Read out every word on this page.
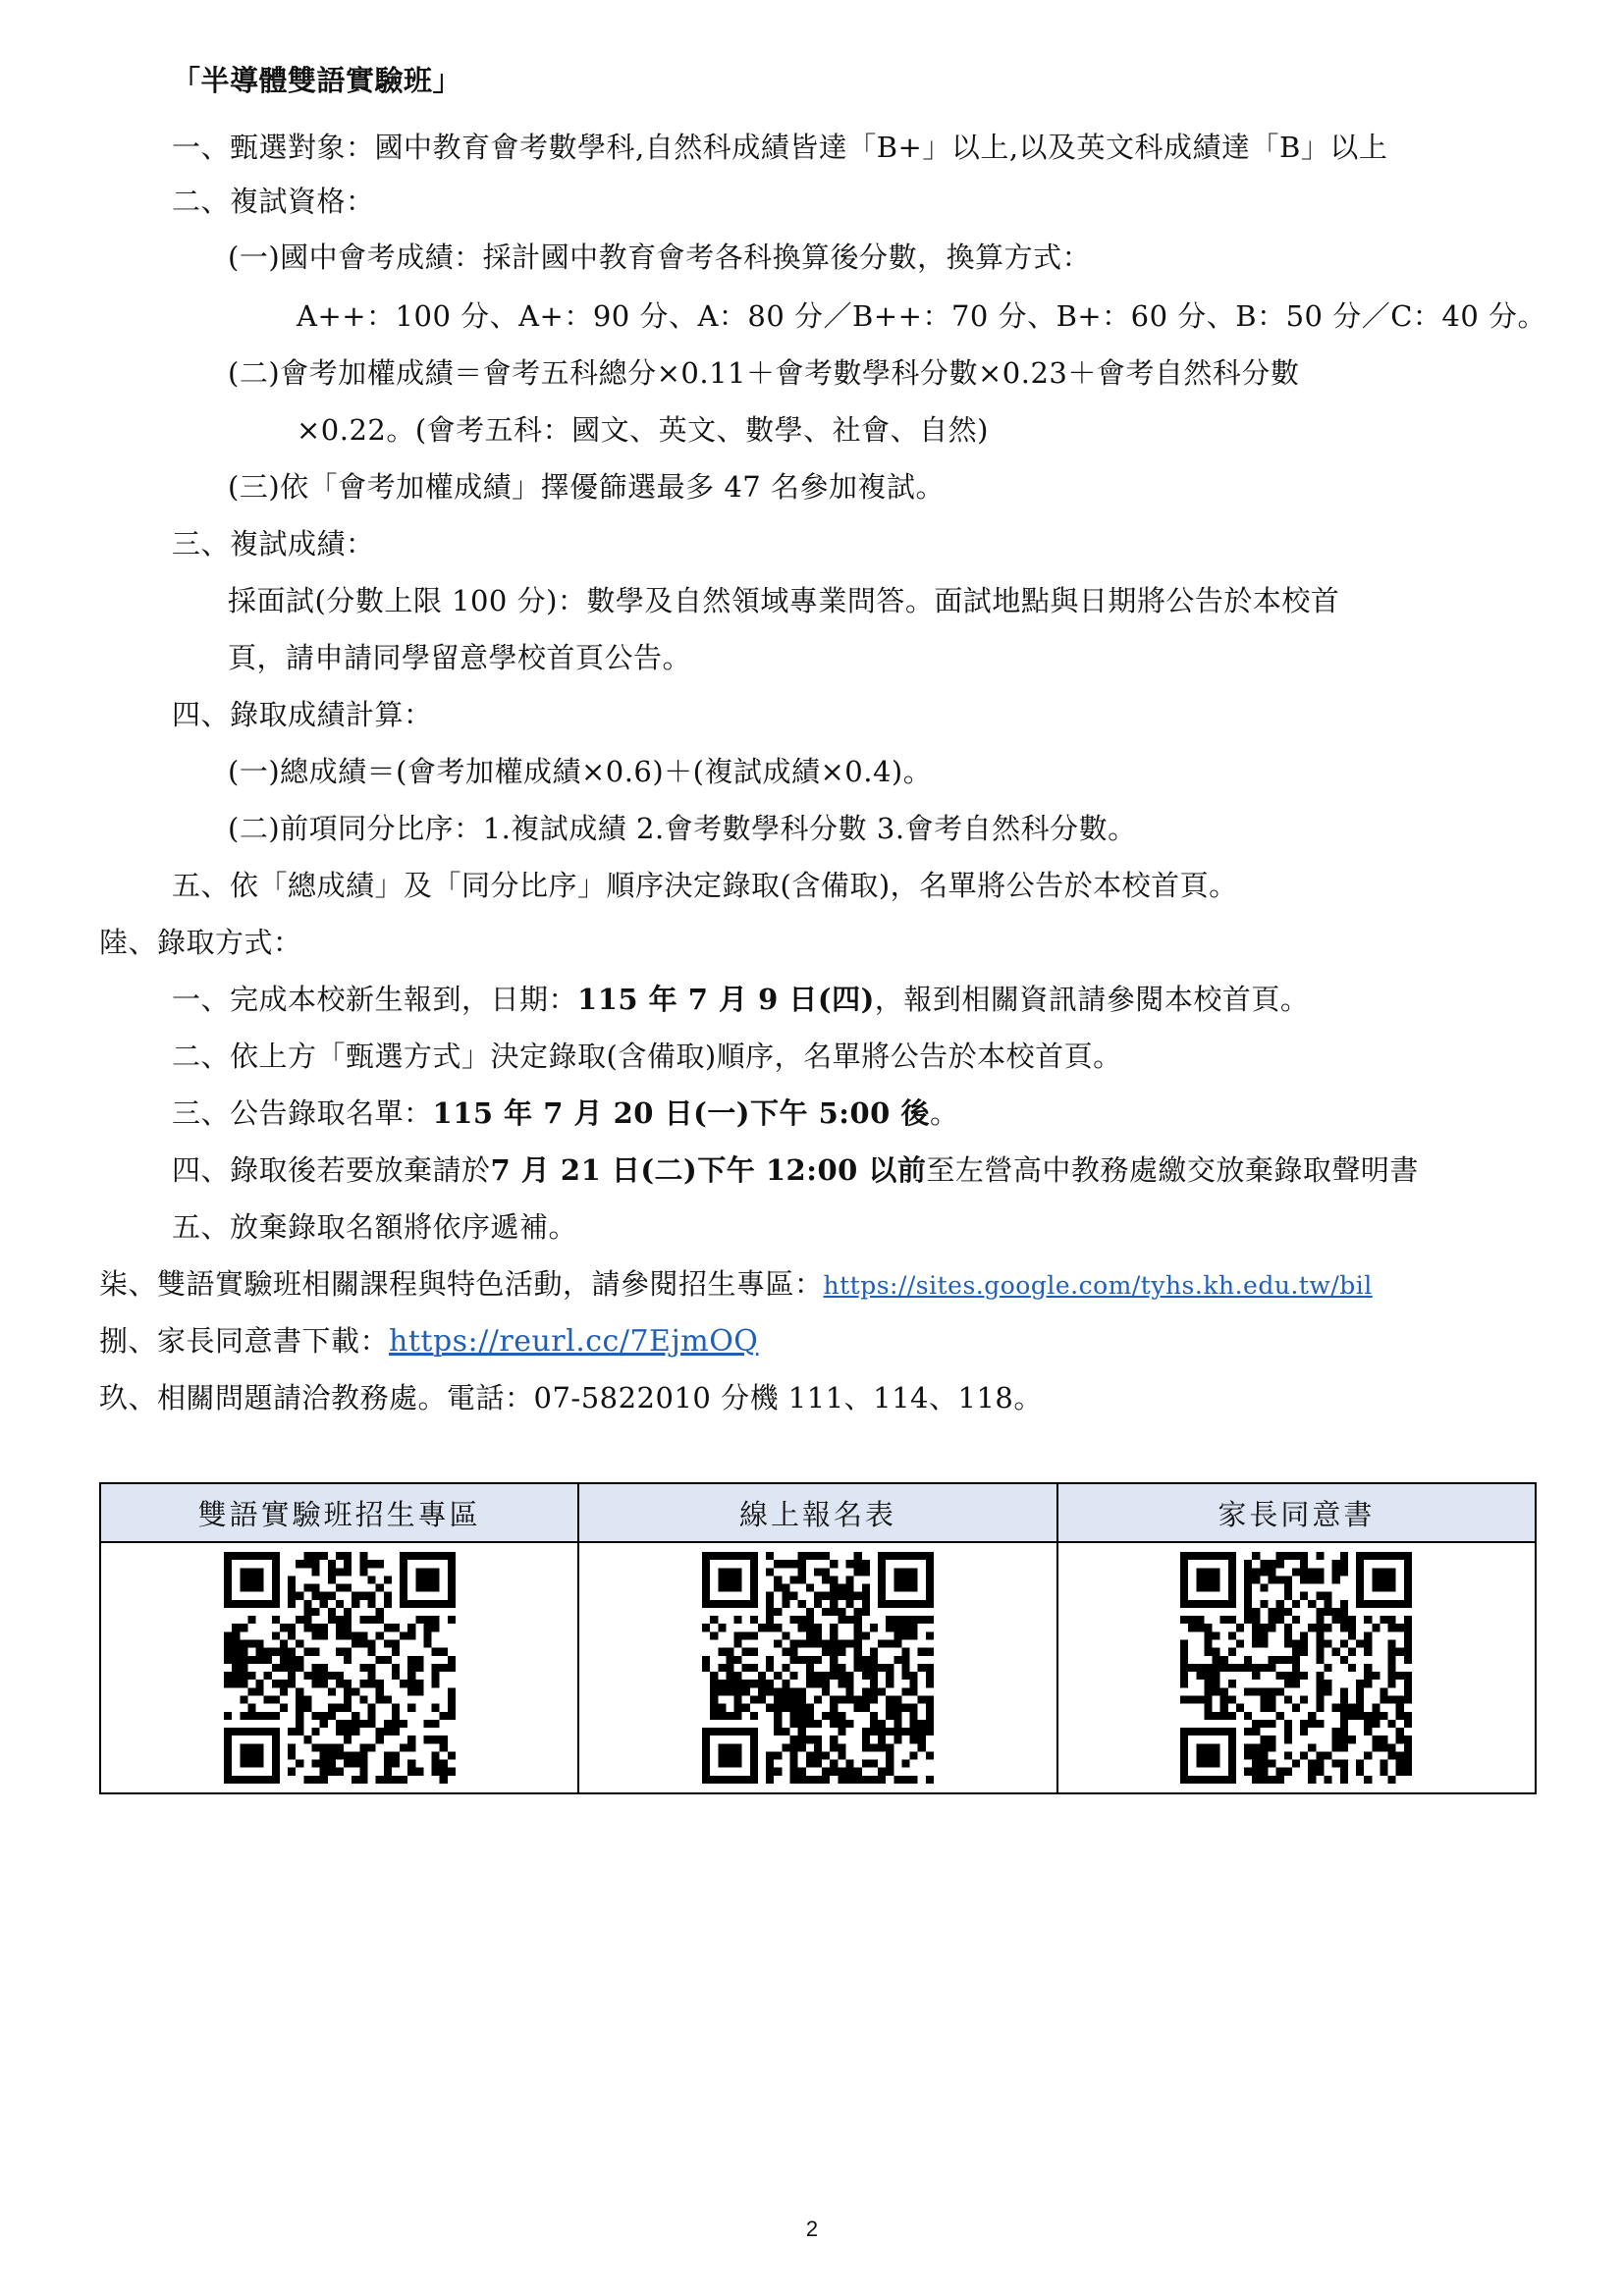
「半導體雙語實驗班」
一、甄選對象：國中教育會考數學科,自然科成績皆達「B+」以上,以及英文科成績達「B」以上
二、複試資格：
(一)國中會考成績：採計國中教育會考各科換算後分數，換算方式：
A++：100 分、A+：90 分、A：80 分／B++：70 分、B+：60 分、B：50 分／C：40 分。
(二)會考加權成績＝會考五科總分×0.11＋會考數學科分數×0.23＋會考自然科分數
×0.22。(會考五科：國文、英文、數學、社會、自然)
(三)依「會考加權成績」擇優篩選最多 47 名參加複試。
三、複試成績：
採面試(分數上限 100 分)：數學及自然領域專業問答。面試地點與日期將公告於本校首
頁，請申請同學留意學校首頁公告。
四、錄取成績計算：
(一)總成績＝(會考加權成績×0.6)＋(複試成績×0.4)。
(二)前項同分比序：1.複試成績 2.會考數學科分數 3.會考自然科分數。
五、依「總成績」及「同分比序」順序決定錄取(含備取)，名單將公告於本校首頁。
陸、錄取方式：
一、完成本校新生報到，日期：115 年 7 月 9 日(四)，報到相關資訊請參閱本校首頁。
二、依上方「甄選方式」決定錄取(含備取)順序，名單將公告於本校首頁。
三、公告錄取名單：115 年 7 月 20 日(一)下午 5:00 後。
四、錄取後若要放棄請於7 月 21 日(二)下午 12:00 以前至左營高中教務處繳交放棄錄取聲明書
五、放棄錄取名額將依序遞補。
柒、雙語實驗班相關課程與特色活動，請參閱招生專區：https://sites.google.com/tyhs.kh.edu.tw/bil
捌、家長同意書下載：https://reurl.cc/7EjmOQ
玖、相關問題請洽教務處。電話：07-5822010 分機 111、114、118。
雙語實驗班招生專區	線上報名表	家長同意書

2
